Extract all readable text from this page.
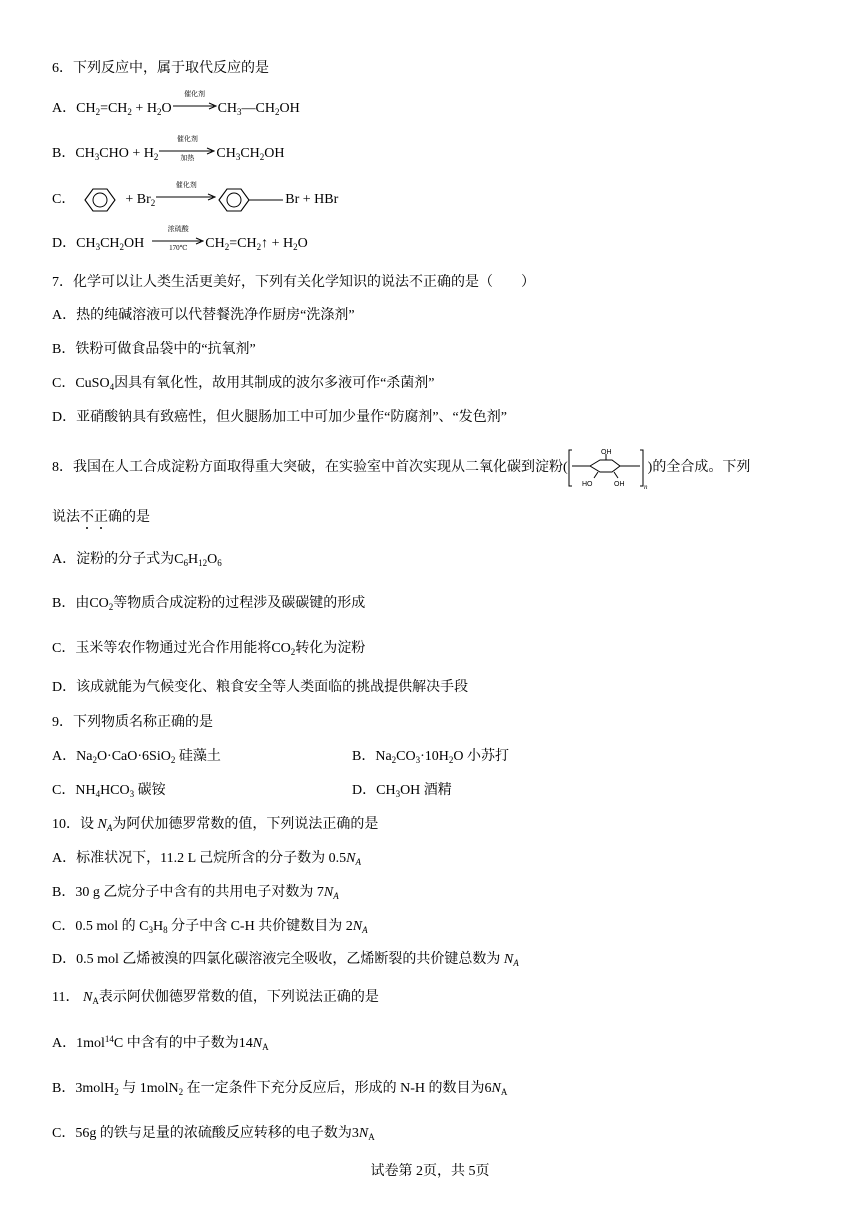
6．下列反应中，属于取代反应的是
A．$CH_2=CH_2 + H_2O$
催化剂
$CH_3—CH_2OH$
B．$CH_3CHO + H_2$
催化剂
加热	$CH_3CH_2OH$
C．	+ $Br_2$
催化剂
Br + HBr
D．$CH_3CH_2OH$
浓硫酸
170℃	$CH_2=CH_2↑ + H_2O$
7．化学可以让人类生活更美好，下列有关化学知识的说法不正确的是（　　）
A．热的纯碱溶液可以代替餐洗净作厨房“洗涤剂”
B．铁粉可做食品袋中的“抗氧剂”
C．CuSO$_4$因具有氧化性，故用其制成的波尔多液可作“杀菌剂”
D．亚硝酸钠具有致癌性，但火腿肠加工中可加少量作“防腐剂”、“发色剂”
8．我国在人工合成淀粉方面取得重大突破，在实验室中首次实现从二氧化碳到淀粉(
OH
HO	OH	n
)的全合成。下列
说法不正确的是
A．淀粉的分子式为$C_6H_{12}O_6$
B．由$CO_2$等物质合成淀粉的过程涉及碳碳键的形成
C．玉米等农作物通过光合作用能将$CO_2$转化为淀粉
D．该成就能为气候变化、粮食安全等人类面临的挑战提供解决手段
9．下列物质名称正确的是
A．$Na_2O\cdot CaO\cdot 6SiO_2$ 硅藻土	B．$Na_2CO_3\cdot 10H_2O$ 小苏打
C．$NH_4HCO_3$ 碳铵	D．$CH_3OH$ 酒精
10．设 $N_A$为阿伏加德罗常数的值，下列说法正确的是
A．标准状况下，11.2 L 己烷所含的分子数为 $0.5N_A$
B．30 g 乙烷分子中含有的共用电子对数为 $7N_A$
C．0.5 mol 的 $C_3H_8$ 分子中含 C-H 共价键数目为 $2N_A$
D．0.5 mol 乙烯被溴的四氯化碳溶液完全吸收，乙烯断裂的共价键总数为 $N_A$
11． $N_A$表示阿伏伽德罗常数的值，下列说法正确的是
A．1mol$^{14}$C 中含有的中子数为$14N_A$
B．3molH$_2$ 与 1molN$_2$ 在一定条件下充分反应后，形成的 N-H 的数目为$6N_A$
C．56g 的铁与足量的浓硫酸反应转移的电子数为$3N_A$
试卷第 2页，共 5页
